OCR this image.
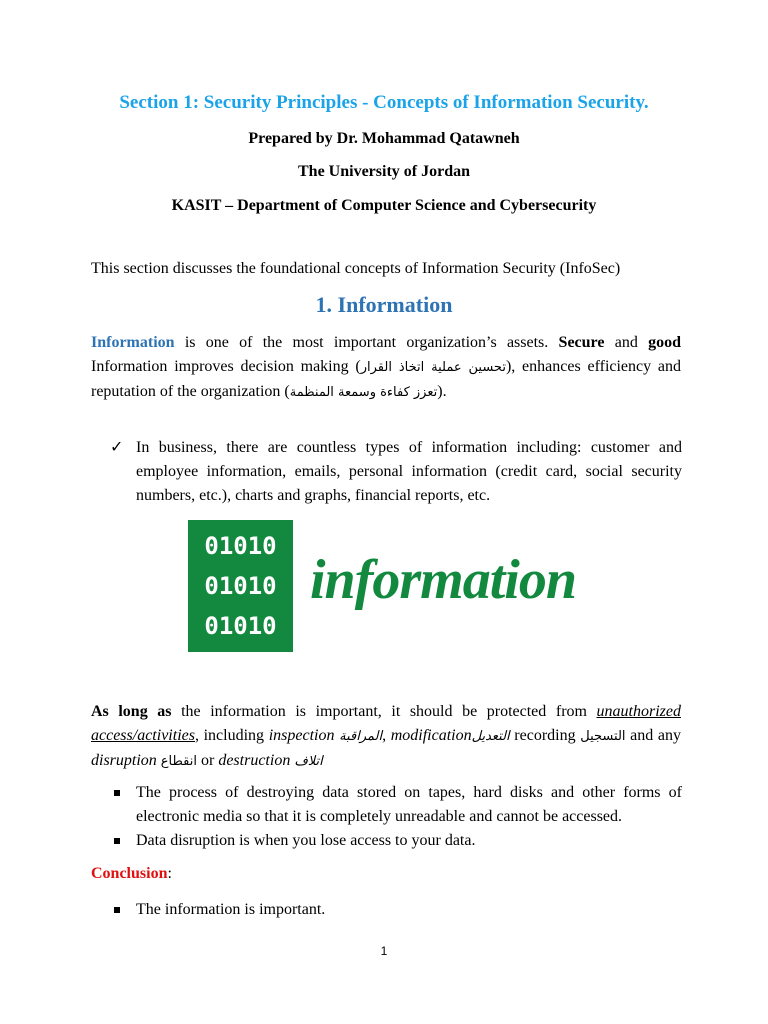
Section 1: Security Principles - Concepts of Information Security.
Prepared by Dr. Mohammad Qatawneh
The University of Jordan
KASIT – Department of Computer Science and Cybersecurity
This section discusses the foundational concepts of Information Security (InfoSec)
1. Information
Information is one of the most important organization’s assets. Secure and good Information improves decision making (تحسين عملية اتخاذ القرار), enhances efficiency and reputation of the organization (تعزز كفاءة وسمعة المنظمة).
✓ In business, there are countless types of information including: customer and employee information, emails, personal information (credit card, social security numbers, etc.), charts and graphs, financial reports, etc.
01010
01010
01010
information
As long as the information is important, it should be protected from unauthorized access/activities, including inspection المراقبة, modificationالتعديل recording التسجيل and any disruption انقطاع or destruction اتلاف
The process of destroying data stored on tapes, hard disks and other forms of electronic media so that it is completely unreadable and cannot be accessed.
Data disruption is when you lose access to your data.
Conclusion:
The information is important.
1
